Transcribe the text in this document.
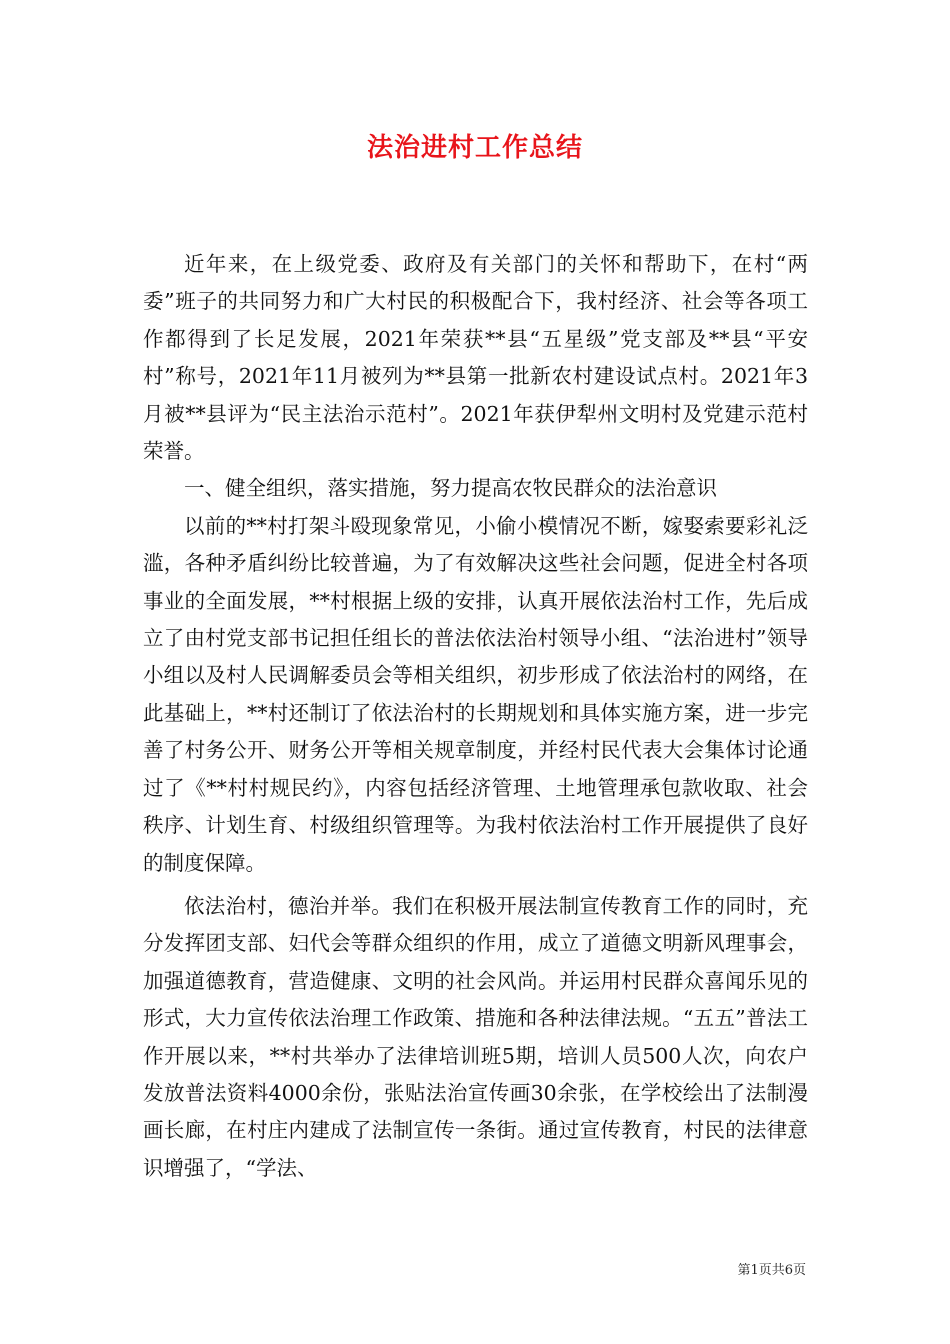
法治进村工作总结

近年来，在上级党委、政府及有关部门的关怀和帮助下，在村“两委”班子的共同努力和广大村民的积极配合下，我村经济、社会等各项工作都得到了长足发展，2021年荣获**县“五星级”党支部及**县“平安村”称号，2021年11月被列为**县第一批新农村建设试点村。2021年3月被**县评为“民主法治示范村”。2021年获伊犁州文明村及党建示范村荣誉。

一、健全组织，落实措施，努力提高农牧民群众的法治意识

以前的**村打架斗殴现象常见，小偷小模情况不断，嫁娶索要彩礼泛滥，各种矛盾纠纷比较普遍，为了有效解决这些社会问题，促进全村各项事业的全面发展，**村根据上级的安排，认真开展依法治村工作，先后成立了由村党支部书记担任组长的普法依法治村领导小组、“法治进村”领导小组以及村人民调解委员会等相关组织，初步形成了依法治村的网络，在此基础上，**村还制订了依法治村的长期规划和具体实施方案，进一步完善了村务公开、财务公开等相关规章制度，并经村民代表大会集体讨论通过了《**村村规民约》，内容包括经济管理、土地管理承包款收取、社会秩序、计划生育、村级组织管理等。为我村依法治村工作开展提供了良好的制度保障。

依法治村，德治并举。我们在积极开展法制宣传教育工作的同时，充分发挥团支部、妇代会等群众组织的作用，成立了道德文明新风理事会，加强道德教育，营造健康、文明的社会风尚。并运用村民群众喜闻乐见的形式，大力宣传依法治理工作政策、措施和各种法律法规。“五五”普法工作开展以来，**村共举办了法律培训班5期，培训人员500人次，向农户发放普法资料4000余份，张贴法治宣传画30余张，在学校绘出了法制漫画长廊，在村庄内建成了法制宣传一条街。通过宣传教育，村民的法律意识增强了，“学法、

第1页共6页
